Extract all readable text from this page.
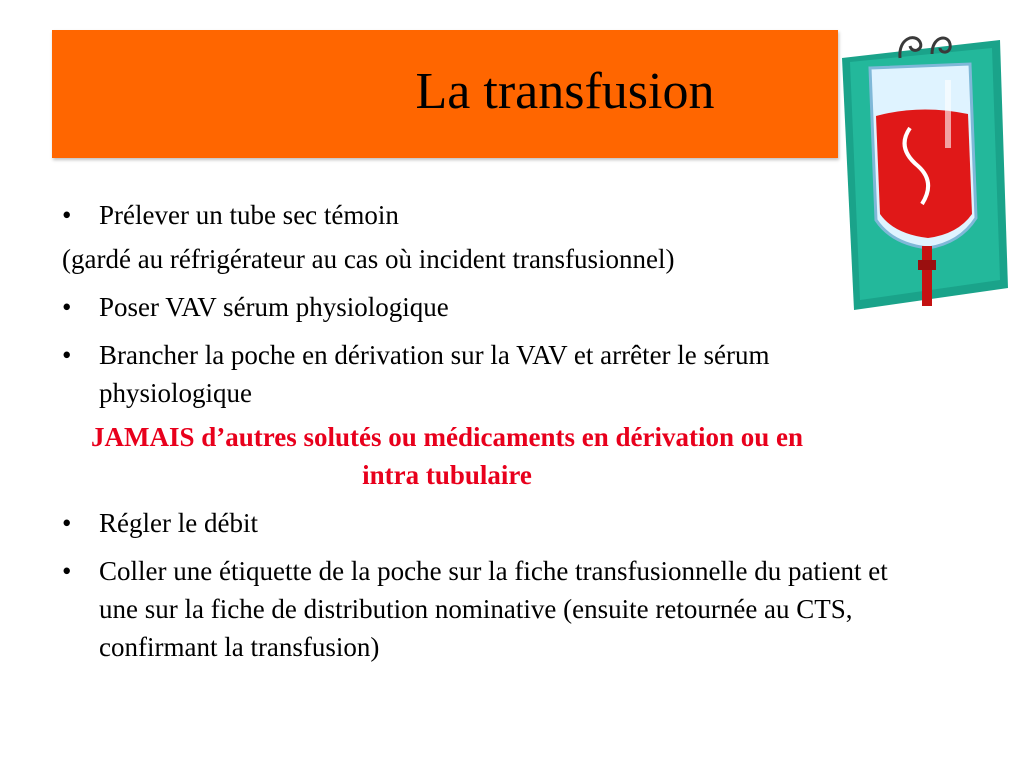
La transfusion
• Prélever un tube sec témoin
(gardé au réfrigérateur au cas où incident transfusionnel)
• Poser VAV sérum physiologique
• Brancher la poche en dérivation sur la VAV et arrêter le sérum physiologique
JAMAIS d’autres solutés ou médicaments en dérivation ou en intra tubulaire
• Régler le débit
• Coller une étiquette de la poche sur la fiche transfusionnelle du patient et une sur la fiche de distribution nominative (ensuite retournée au CTS, confirmant la transfusion)
